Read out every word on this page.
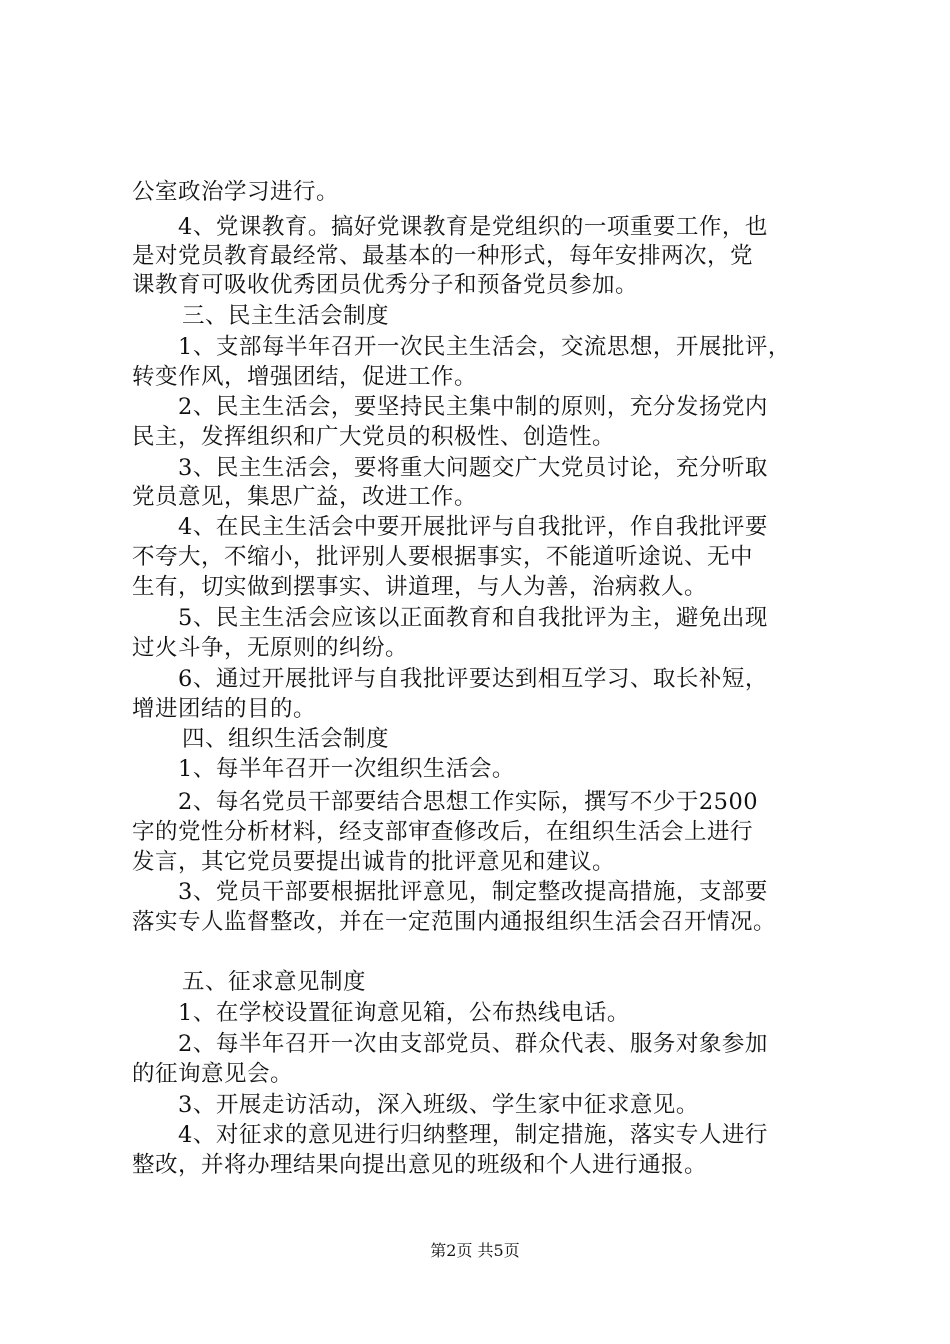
公室政治学习进行。
4、党课教育。搞好党课教育是党组织的一项重要工作，也
是对党员教育最经常、最基本的一种形式，每年安排两次，党
课教育可吸收优秀团员优秀分子和预备党员参加。
三、民主生活会制度
1、支部每半年召开一次民主生活会，交流思想，开展批评，
转变作风，增强团结，促进工作。
2、民主生活会，要坚持民主集中制的原则，充分发扬党内
民主，发挥组织和广大党员的积极性、创造性。
3、民主生活会，要将重大问题交广大党员讨论，充分听取
党员意见，集思广益，改进工作。
4、在民主生活会中要开展批评与自我批评，作自我批评要
不夸大，不缩小，批评别人要根据事实，不能道听途说、无中
生有，切实做到摆事实、讲道理，与人为善，治病救人。
5、民主生活会应该以正面教育和自我批评为主，避免出现
过火斗争，无原则的纠纷。
6、通过开展批评与自我批评要达到相互学习、取长补短，
增进团结的目的。
四、组织生活会制度
1、每半年召开一次组织生活会。
2、每名党员干部要结合思想工作实际，撰写不少于2500
字的党性分析材料，经支部审查修改后，在组织生活会上进行
发言，其它党员要提出诚肯的批评意见和建议。
3、党员干部要根据批评意见，制定整改提高措施，支部要
落实专人监督整改，并在一定范围内通报组织生活会召开情况。
五、征求意见制度
1、在学校设置征询意见箱，公布热线电话。
2、每半年召开一次由支部党员、群众代表、服务对象参加
的征询意见会。
3、开展走访活动，深入班级、学生家中征求意见。
4、对征求的意见进行归纳整理，制定措施，落实专人进行
整改，并将办理结果向提出意见的班级和个人进行通报。
第2页 共5页
